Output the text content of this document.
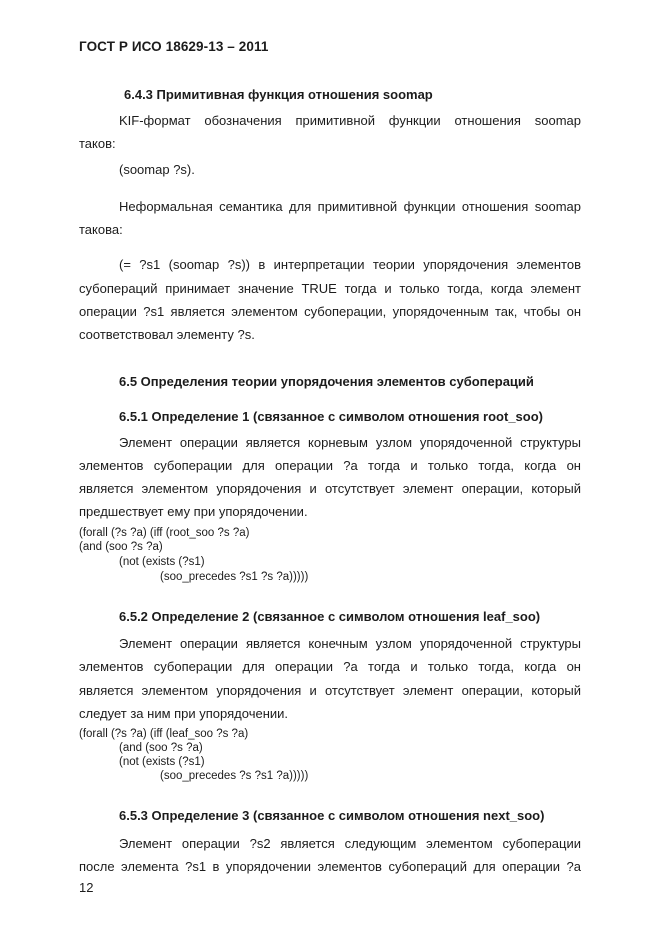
ГОСТ Р ИСО 18629-13 – 2011
6.4.3 Примитивная функция отношения soomap
KIF-формат обозначения примитивной функции отношения soomap
таков:
(soomap ?s).
Неформальная семантика для примитивной функции отношения soomap
такова:
(= ?s1 (soomap ?s)) в интерпретации теории упорядочения элементов
субопераций принимает значение TRUE тогда и только тогда, когда элемент
операции ?s1 является элементом субоперации, упорядоченным так, чтобы он
соответствовал элементу ?s.
6.5 Определения теории упорядочения элементов субопераций
6.5.1 Определение 1 (связанное с символом отношения root_soo)
Элемент операции является корневым узлом упорядоченной структуры
элементов субоперации для операции ?a тогда и только тогда, когда он
является элементом упорядочения и отсутствует элемент операции, который
предшествует ему при упорядочении.
(forall (?s ?a) (iff (root_soo ?s ?a)
(and (soo ?s ?a)
(not (exists (?s1)
(soo_precedes ?s1 ?s ?a)))))
6.5.2 Определение 2 (связанное с символом отношения leaf_soo)
Элемент операции является конечным узлом упорядоченной структуры
элементов субоперации для операции ?a тогда и только тогда, когда он
является элементом упорядочения и отсутствует элемент операции, который
следует за ним при упорядочении.
(forall (?s ?a) (iff (leaf_soo ?s ?a)
(and (soo ?s ?a)
(not (exists (?s1)
(soo_precedes ?s ?s1 ?a)))))
6.5.3 Определение 3 (связанное с символом отношения next_soo)
Элемент операции ?s2 является следующим элементом субоперации
после элемента ?s1 в упорядочении элементов субопераций для операции ?a
12
